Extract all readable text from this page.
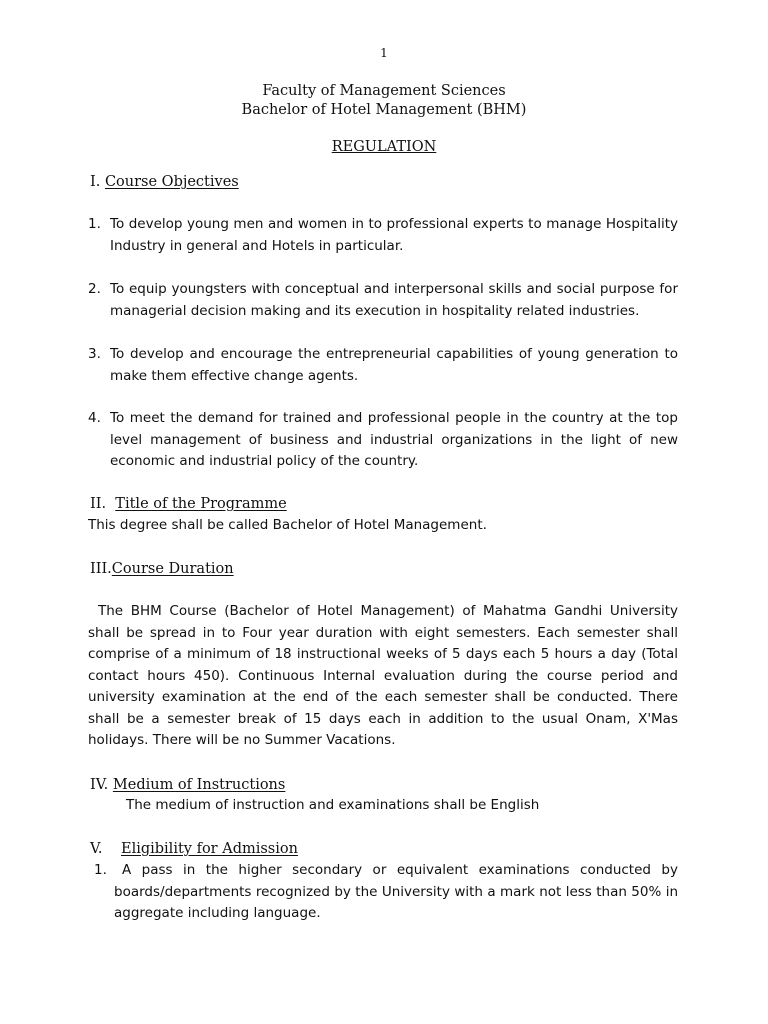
1
Faculty of Management Sciences
Bachelor of Hotel Management (BHM)
REGULATION
I. Course Objectives
1. To develop young men and women in to professional experts to manage Hospitality Industry in general and Hotels in particular.
2. To equip youngsters with conceptual and interpersonal skills and social purpose for managerial decision making and its execution in hospitality related industries.
3. To develop and encourage the entrepreneurial capabilities of young generation to make them effective change agents.
4. To meet the demand for trained and professional people in the country at the top level management of business and industrial organizations in the light of new economic and industrial policy of the country.
II. Title of the Programme
This degree shall be called Bachelor of Hotel Management.
III.Course Duration
The BHM Course (Bachelor of Hotel Management) of Mahatma Gandhi University shall be spread in to Four year duration with eight semesters. Each semester shall comprise of a minimum of 18 instructional weeks of 5 days each 5 hours a day (Total contact hours 450). Continuous Internal evaluation during the course period and university examination at the end of the each semester shall be conducted. There shall be a semester break of 15 days each in addition to the usual Onam, X'Mas holidays. There will be no Summer Vacations.
IV. Medium of Instructions
The medium of instruction and examinations shall be English
V. Eligibility for Admission
1.	A pass in the higher secondary or equivalent examinations conducted by boards/departments recognized by the University with a mark not less than 50% in aggregate including language.
